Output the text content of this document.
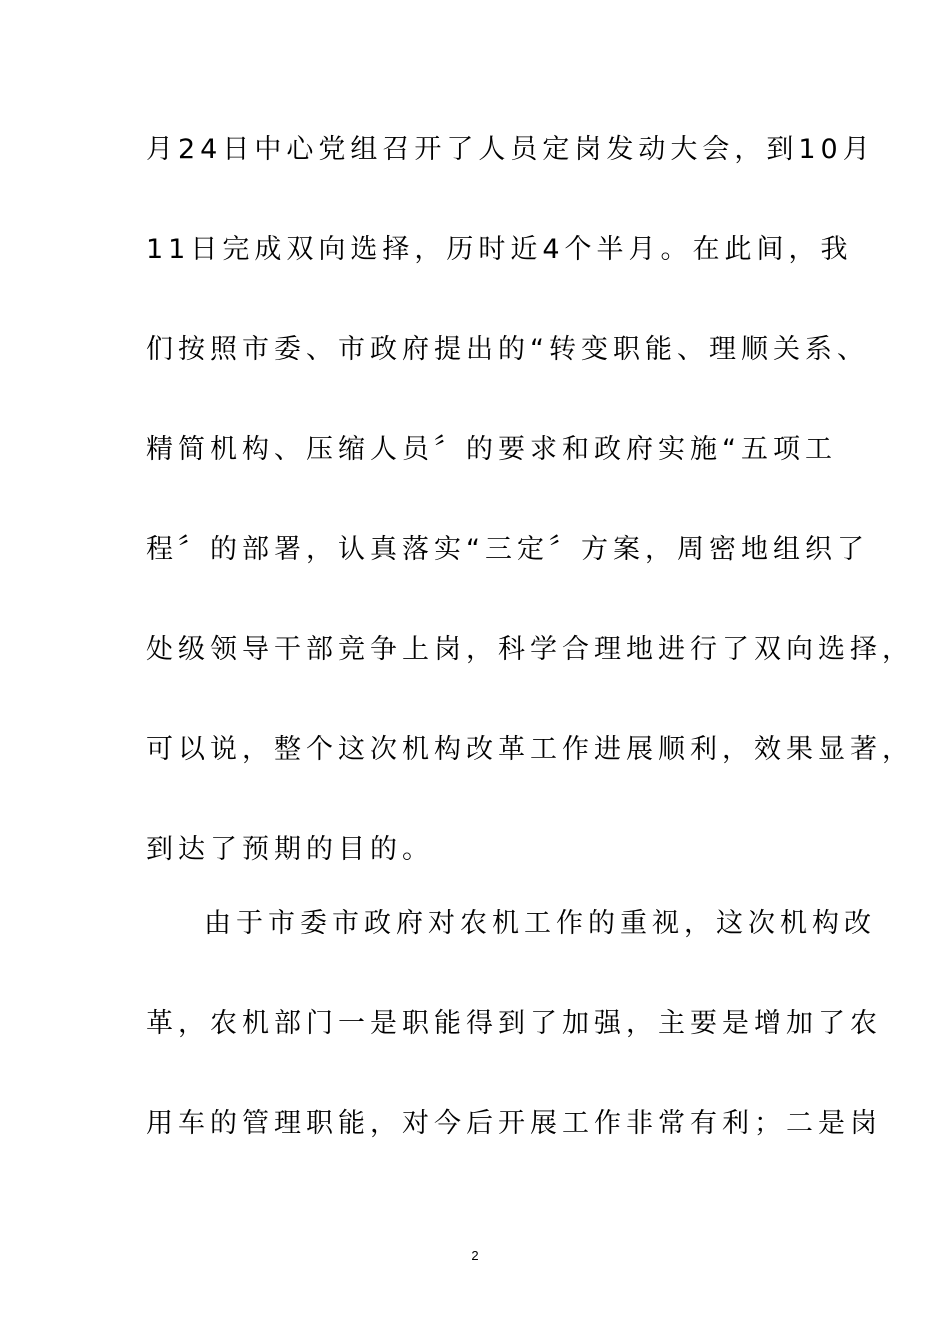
月24日中心党组召开了人员定岗发动大会，到10月
11日完成双向选择，历时近4个半月。在此间，我
们按照市委、市政府提出的“转变职能、理顺关系、
精简机构、压缩人员〞的要求和政府实施“五项工
程〞的部署，认真落实“三定〞方案，周密地组织了
处级领导干部竞争上岗，科学合理地进行了双向选择，
可以说，整个这次机构改革工作进展顺利，效果显著，
到达了预期的目的。
由于市委市政府对农机工作的重视，这次机构改
革，农机部门一是职能得到了加强，主要是增加了农
用车的管理职能，对今后开展工作非常有利；二是岗
2
